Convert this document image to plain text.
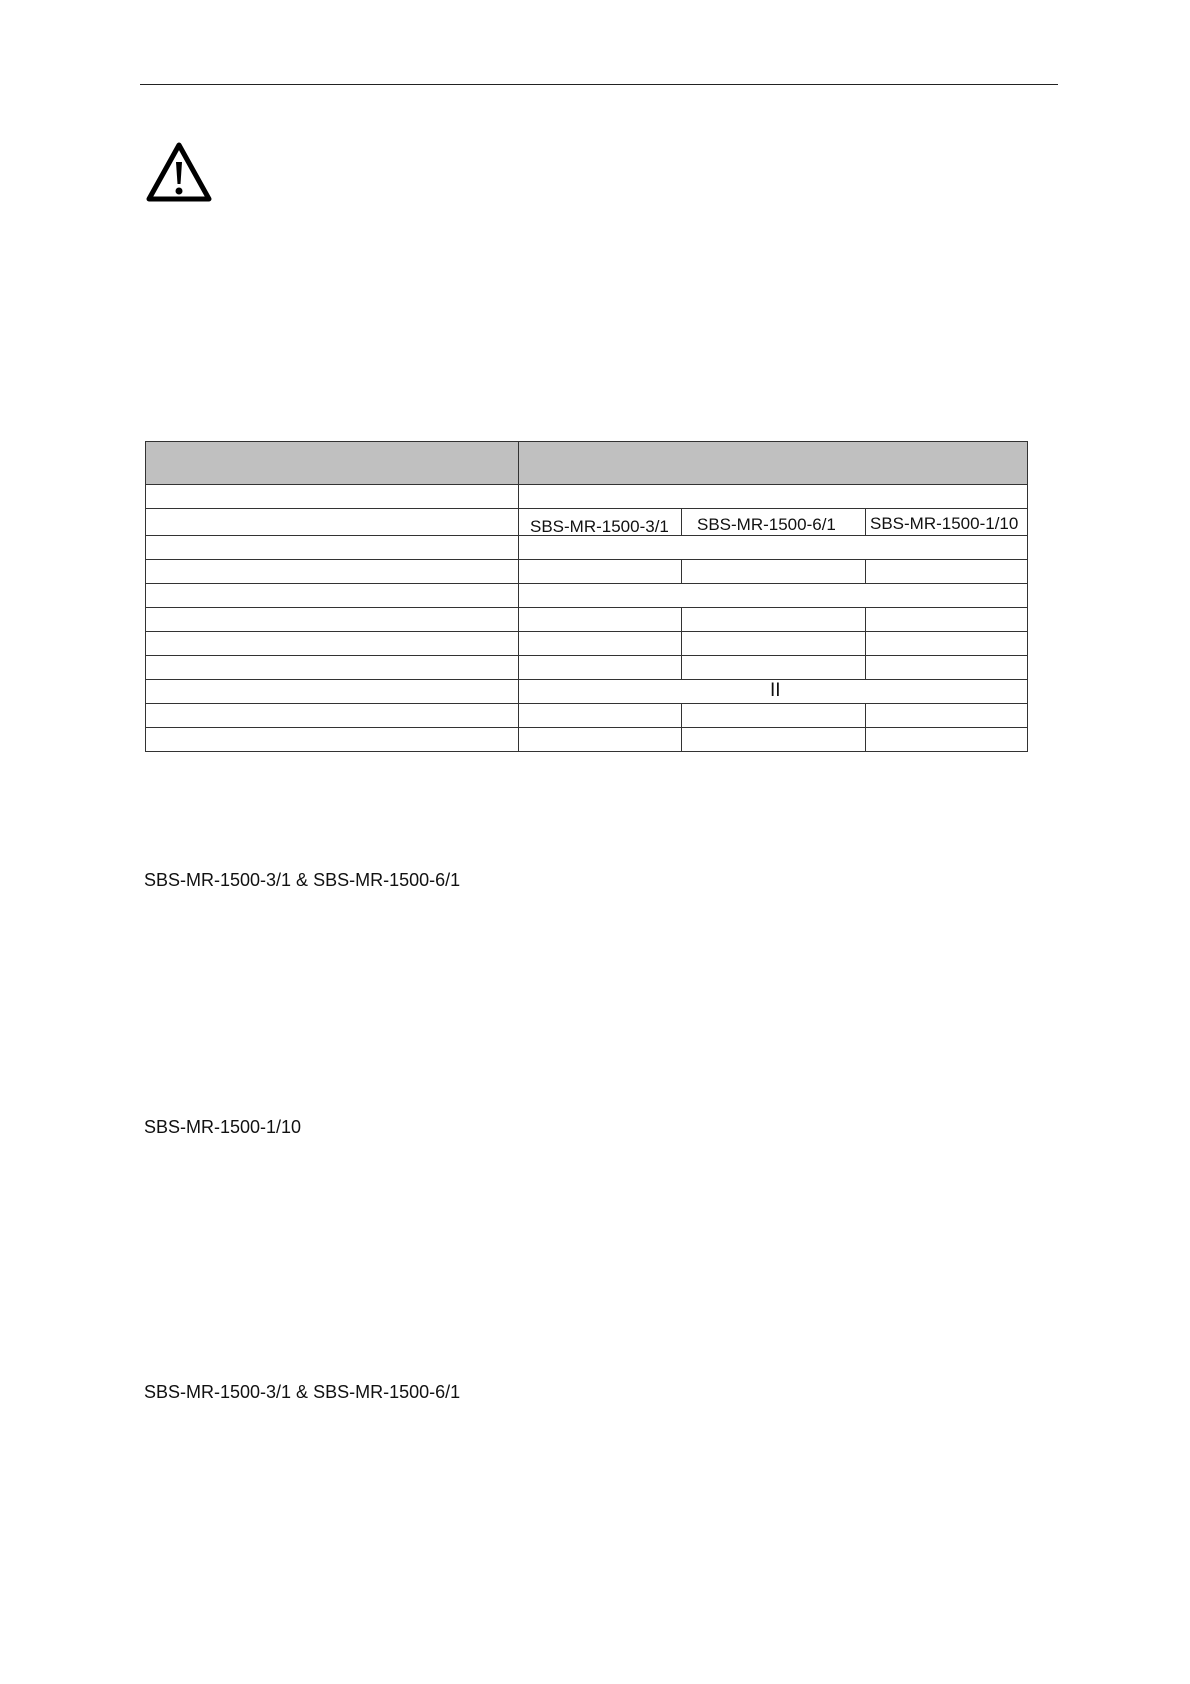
	SBS-MR-1500-3/1	SBS-MR-1500-6/1	SBS-MR-1500-1/10

	II		

SBS-MR-1500-3/1 & SBS-MR-1500-6/1
SBS-MR-1500-1/10
SBS-MR-1500-3/1 & SBS-MR-1500-6/1
